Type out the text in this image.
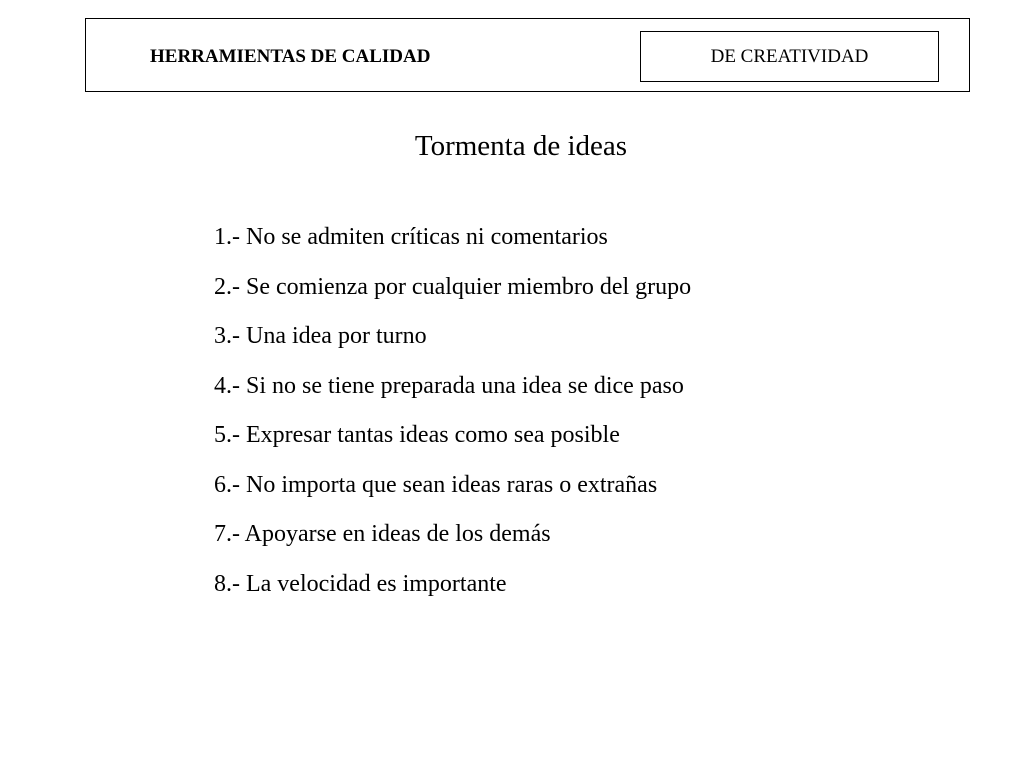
HERRAMIENTAS DE CALIDAD	DE CREATIVIDAD
Tormenta de ideas
1.- No se admiten críticas ni comentarios
2.- Se comienza por cualquier miembro del grupo
3.- Una idea por turno
4.- Si no se tiene preparada una idea se dice paso
5.- Expresar tantas ideas como sea posible
6.- No importa que sean ideas raras o extrañas
7.- Apoyarse en ideas de los demás
8.- La velocidad es importante
